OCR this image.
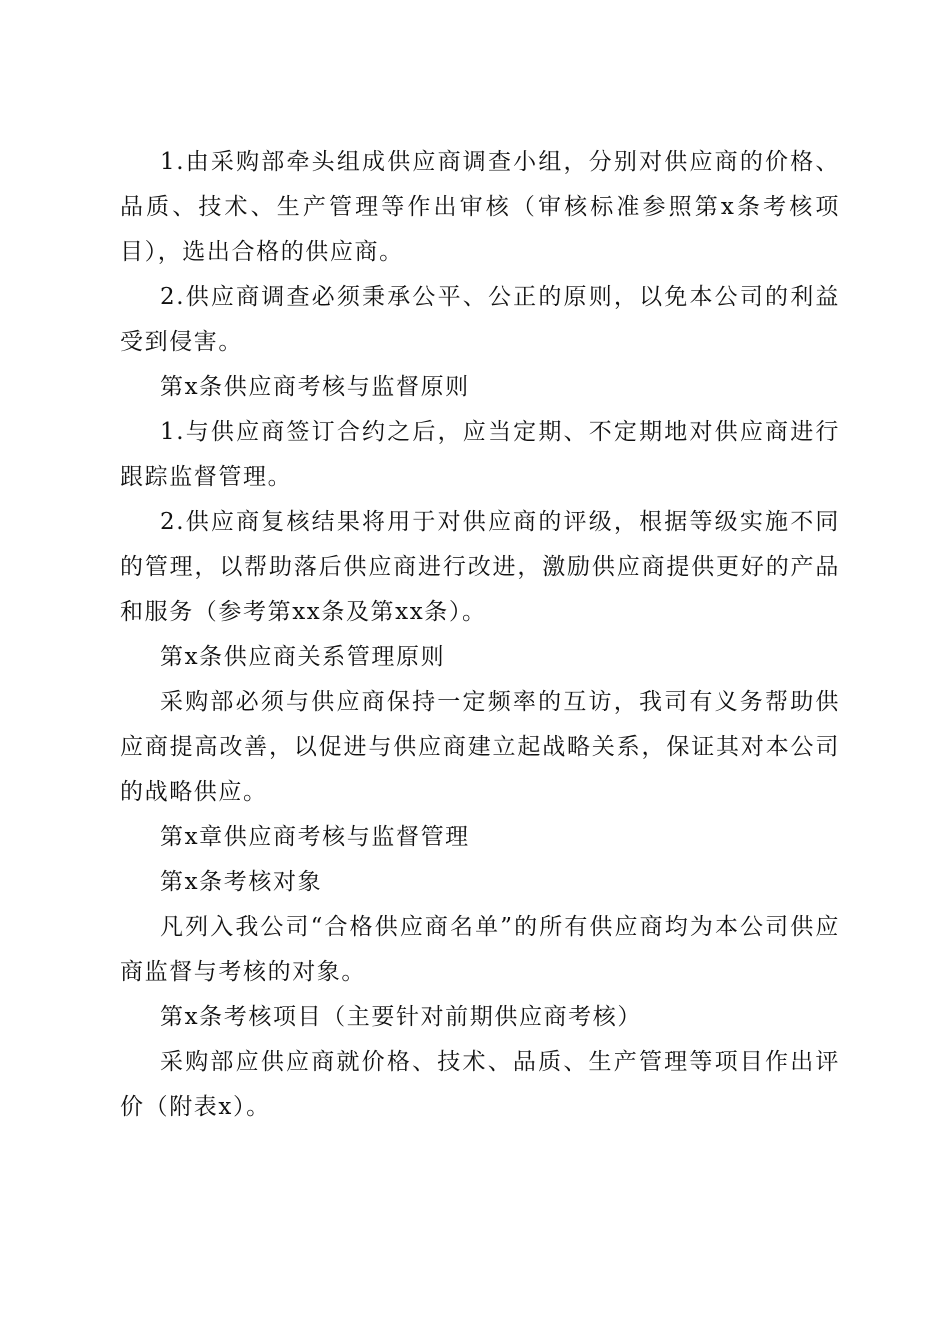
1.由采购部牵头组成供应商调查小组，分别对供应商的价格、品质、技术、生产管理等作出审核（审核标准参照第x条考核项目），选出合格的供应商。

2.供应商调查必须秉承公平、公正的原则，以免本公司的利益受到侵害。

第x条供应商考核与监督原则

1.与供应商签订合约之后，应当定期、不定期地对供应商进行跟踪监督管理。

2.供应商复核结果将用于对供应商的评级，根据等级实施不同的管理，以帮助落后供应商进行改进，激励供应商提供更好的产品和服务（参考第xx条及第xx条）。

第x条供应商关系管理原则

采购部必须与供应商保持一定频率的互访，我司有义务帮助供应商提高改善，以促进与供应商建立起战略关系，保证其对本公司的战略供应。

第x章供应商考核与监督管理

第x条考核对象

凡列入我公司“合格供应商名单”的所有供应商均为本公司供应商监督与考核的对象。

第x条考核项目（主要针对前期供应商考核）

采购部应供应商就价格、技术、品质、生产管理等项目作出评价（附表x）。
